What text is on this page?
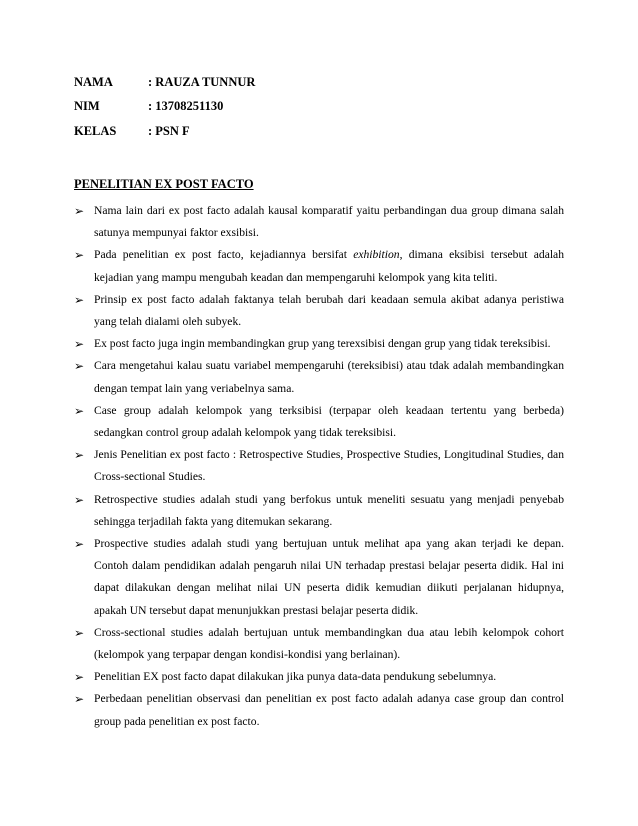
NAMA	: RAUZA TUNNUR
NIM	: 13708251130
KELAS	: PSN F
PENELITIAN EX POST FACTO
➢ Nama lain dari ex post facto adalah kausal komparatif yaitu perbandingan dua group dimana salah satunya mempunyai faktor exsibisi.
➢ Pada penelitian ex post facto, kejadiannya bersifat exhibition, dimana eksibisi tersebut adalah kejadian yang mampu mengubah keadan dan mempengaruhi kelompok yang kita teliti.
➢ Prinsip ex post facto adalah faktanya telah berubah dari keadaan semula akibat adanya peristiwa yang telah dialami oleh subyek.
➢ Ex post facto juga ingin membandingkan grup yang terexsibisi dengan grup yang tidak tereksibisi.
➢ Cara mengetahui kalau suatu variabel mempengaruhi (tereksibisi) atau tdak adalah membandingkan dengan tempat lain yang veriabelnya sama.
➢ Case group adalah kelompok yang terksibisi (terpapar oleh keadaan tertentu yang berbeda) sedangkan control group adalah kelompok yang tidak tereksibisi.
➢ Jenis Penelitian ex post facto : Retrospective Studies, Prospective Studies, Longitudinal Studies, dan Cross-sectional Studies.
➢ Retrospective studies adalah studi yang berfokus untuk meneliti sesuatu yang menjadi penyebab sehingga terjadilah fakta yang ditemukan sekarang.
➢ Prospective studies adalah studi yang bertujuan untuk melihat apa yang akan terjadi ke depan. Contoh dalam pendidikan adalah pengaruh nilai UN terhadap prestasi belajar peserta didik. Hal ini dapat dilakukan dengan melihat nilai UN peserta didik kemudian diikuti perjalanan hidupnya, apakah UN tersebut dapat menunjukkan prestasi belajar peserta didik.
➢ Cross-sectional studies adalah bertujuan untuk membandingkan dua atau lebih kelompok cohort (kelompok yang terpapar dengan kondisi-kondisi yang berlainan).
➢ Penelitian EX post facto dapat dilakukan jika punya data-data pendukung sebelumnya.
➢ Perbedaan penelitian observasi dan penelitian ex post facto adalah adanya case group dan control group pada penelitian ex post facto.
